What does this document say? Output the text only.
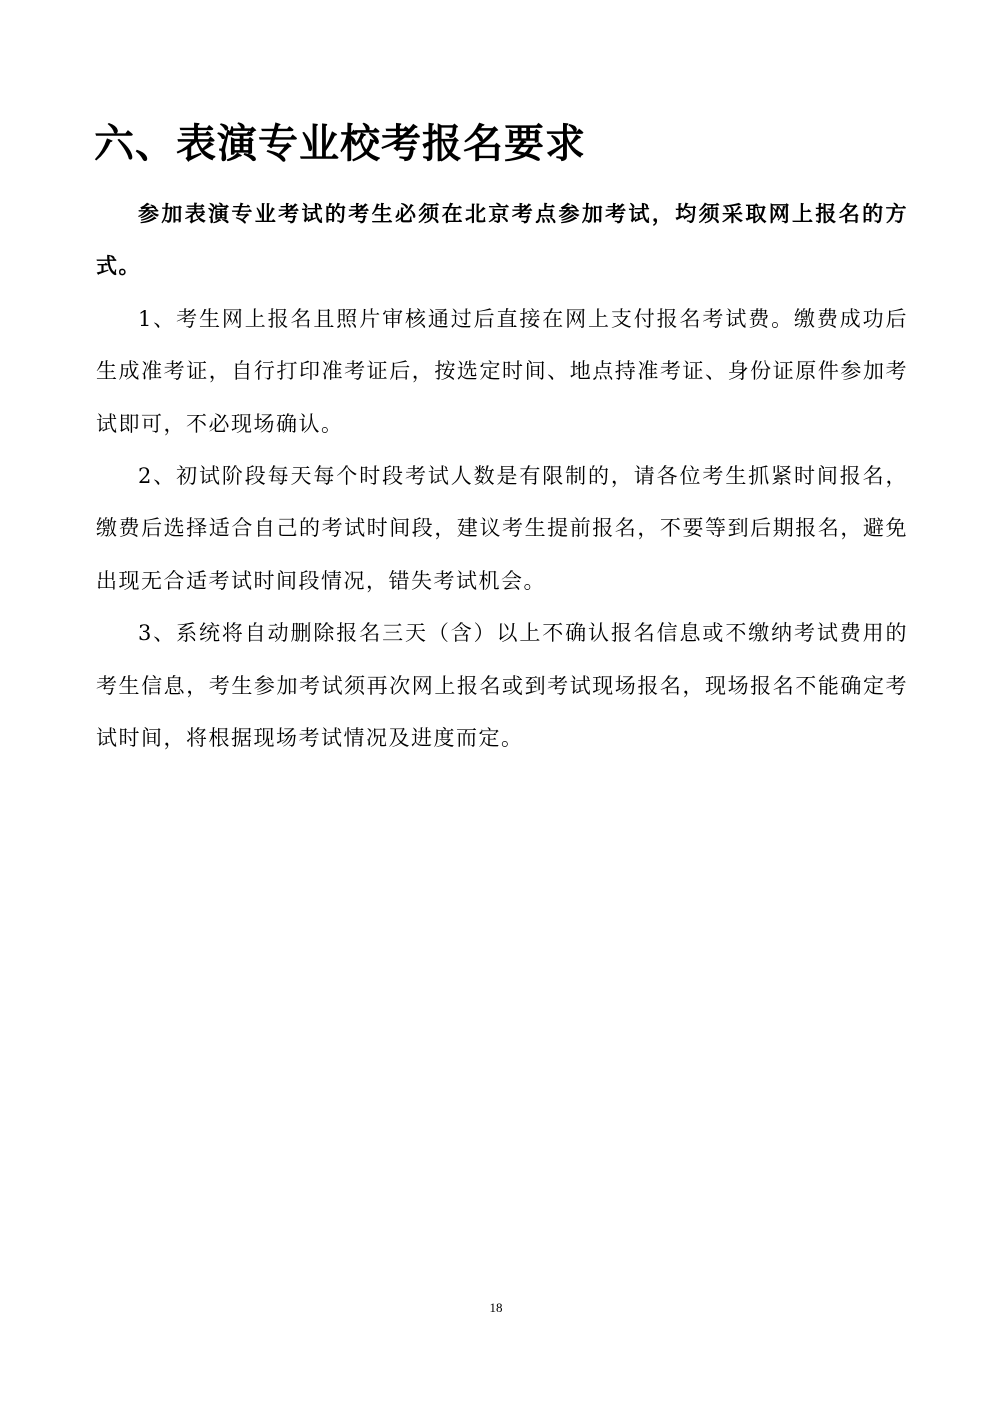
六、表演专业校考报名要求

参加表演专业考试的考生必须在北京考点参加考试，均须采取网上报名的方式。

1、考生网上报名且照片审核通过后直接在网上支付报名考试费。缴费成功后生成准考证，自行打印准考证后，按选定时间、地点持准考证、身份证原件参加考试即可，不必现场确认。

2、初试阶段每天每个时段考试人数是有限制的，请各位考生抓紧时间报名，缴费后选择适合自己的考试时间段，建议考生提前报名，不要等到后期报名，避免出现无合适考试时间段情况，错失考试机会。

3、系统将自动删除报名三天（含）以上不确认报名信息或不缴纳考试费用的考生信息，考生参加考试须再次网上报名或到考试现场报名，现场报名不能确定考试时间，将根据现场考试情况及进度而定。

18
